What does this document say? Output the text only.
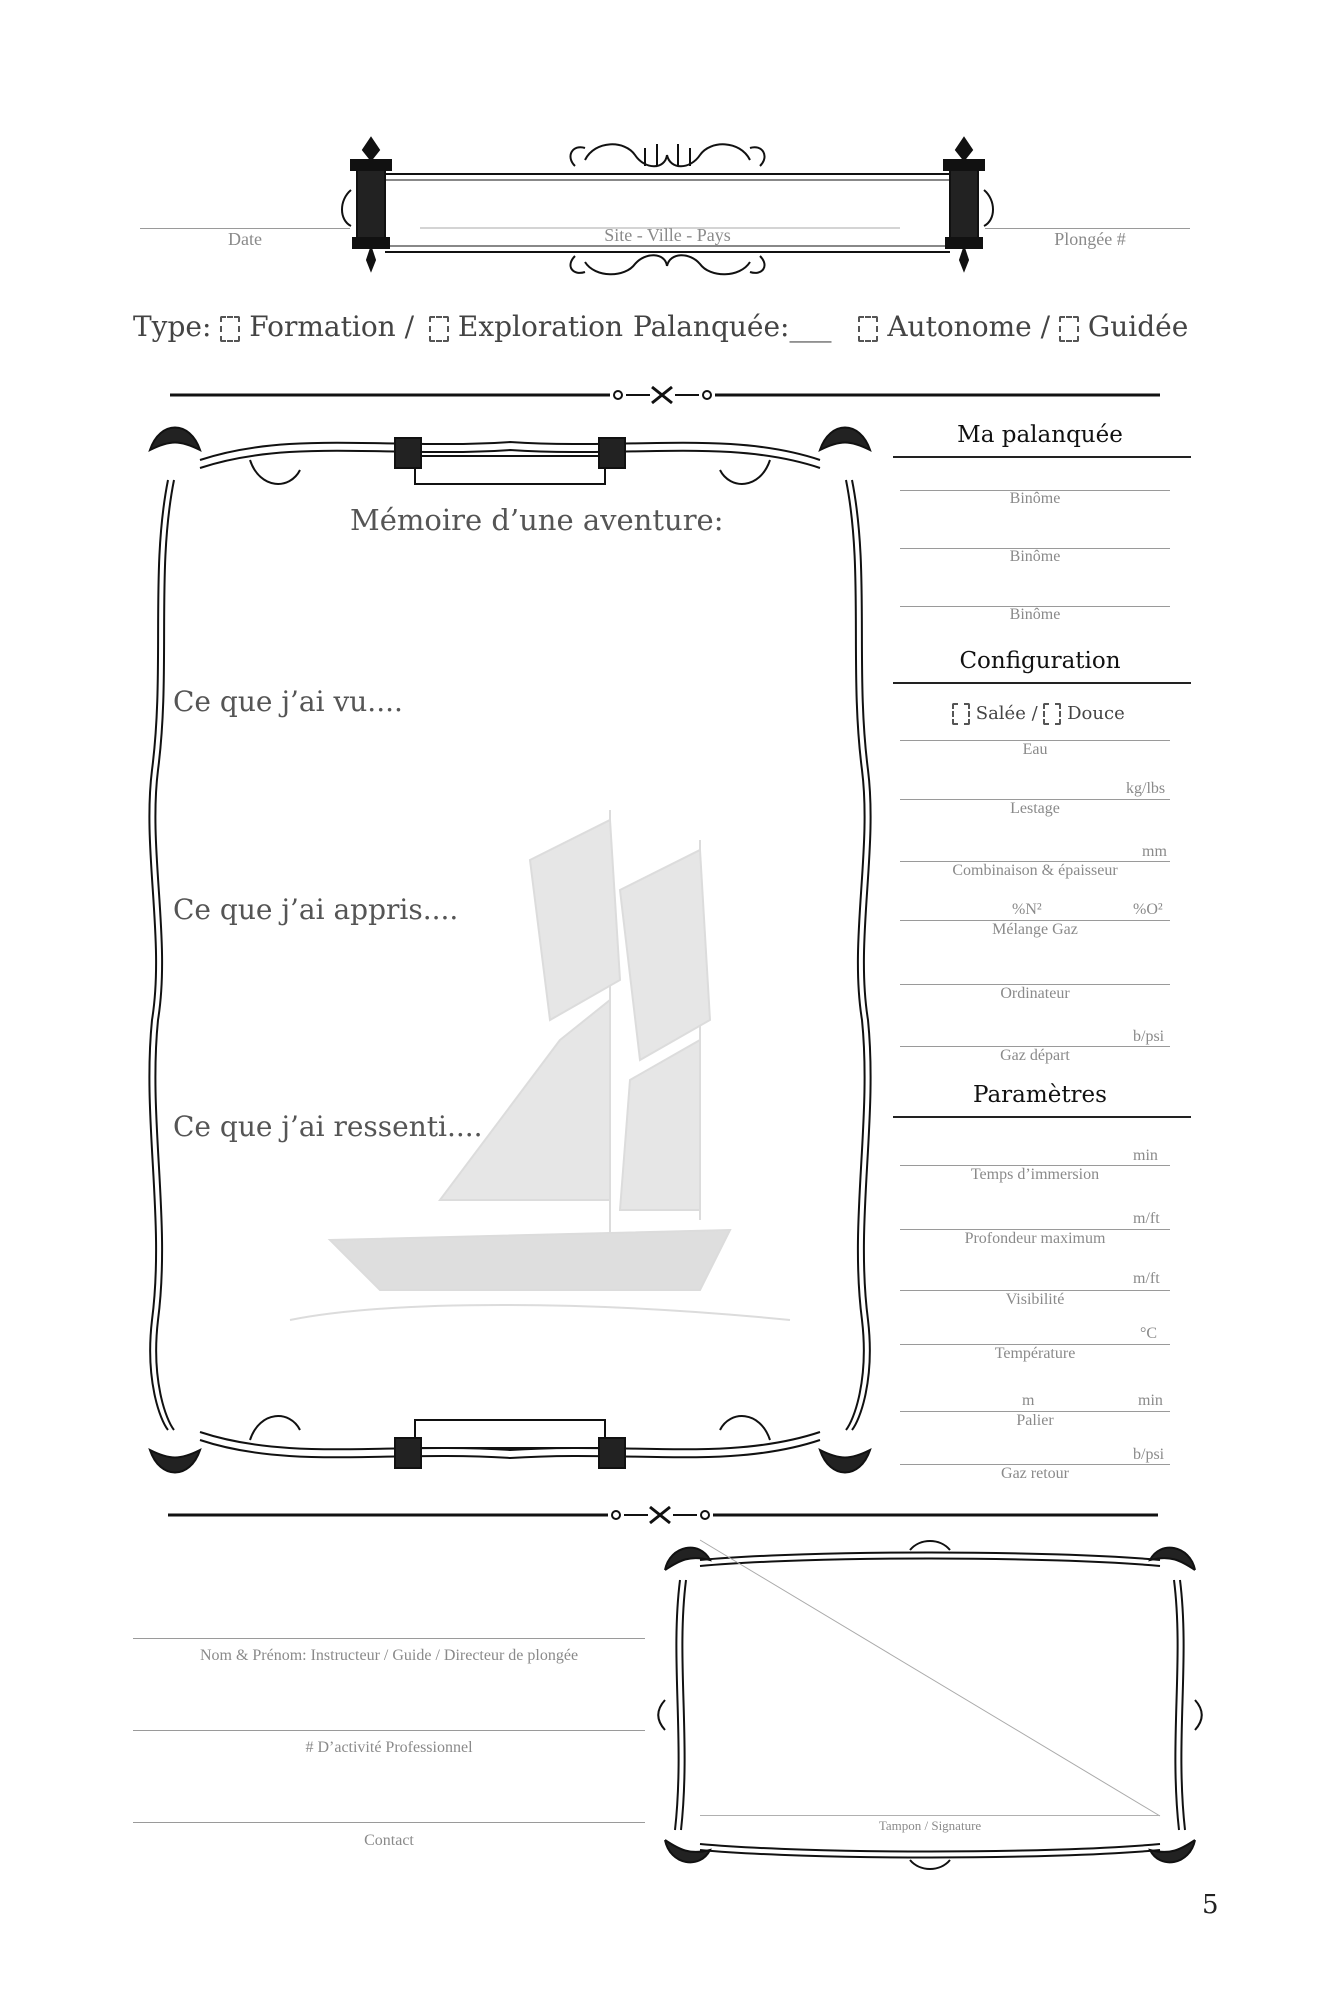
Date	Plongée #
Site - Ville - Pays
Type: Formation / Exploration Palanquée:___ Autonome / Guidée
Mémoire d’une aventure:
Ce que j’ai vu....
Ce que j’ai appris....
Ce que j’ai ressenti....
Ma palanquée
Binôme
Binôme
Binôme
Configuration
Salée / Douce
Eau
kg/lbs
Lestage
mm
Combinaison & épaisseur
%N²	%O²
Mélange Gaz
Ordinateur
b/psi
Gaz départ
Paramètres
min
Temps d’immersion
m/ft
Profondeur maximum
m/ft
Visibilité
°C
Température
m	min
Palier
b/psi
Gaz retour
Nom & Prénom: Instructeur / Guide / Directeur de plongée
# D’activité Professionnel
Contact
Tampon / Signature
5
